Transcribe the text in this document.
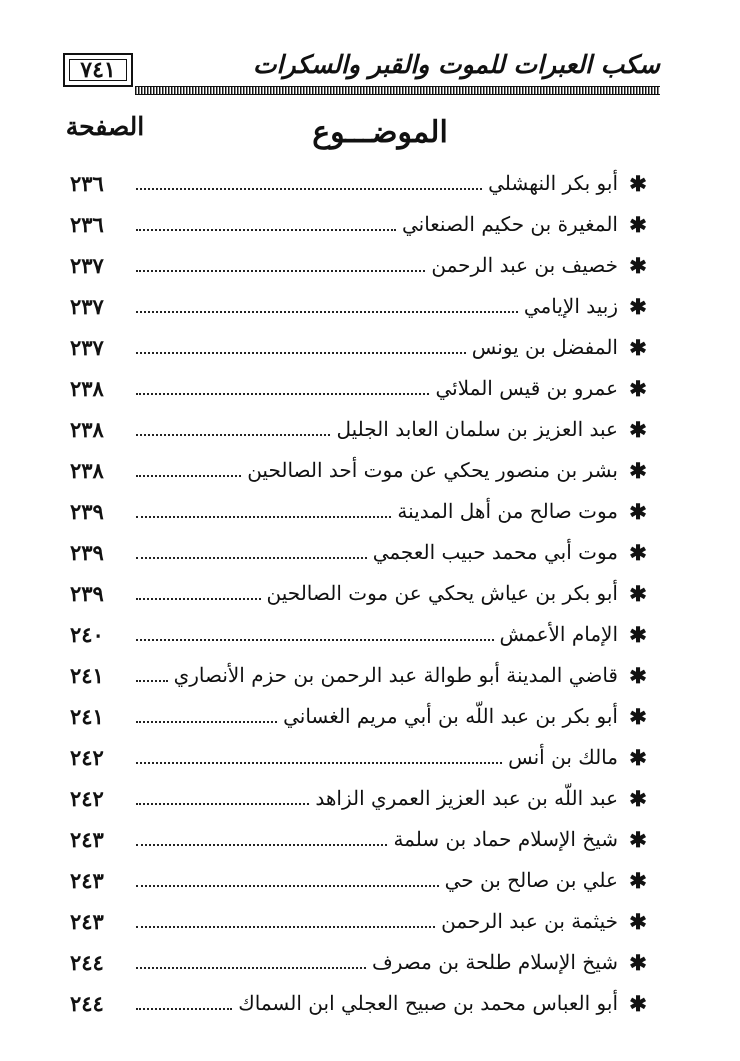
٧٤١	سكب العبرات للموت والقبر والسكرات
الموضـــوع
الصفحة
✱
أبو بكر النهشلي
٢٣٦
✱
المغيرة بن حكيم الصنعاني
٢٣٦
✱
خصيف بن عبد الرحمن
٢٣٧
✱
زبيد الإيامي
٢٣٧
✱
المفضل بن يونس
٢٣٧
✱
عمرو بن قيس الملائي
٢٣٨
✱
عبد العزيز بن سلمان العابد الجليل
٢٣٨
✱
بشر بن منصور يحكي عن موت أحد الصالحين
٢٣٨
✱
موت صالح من أهل المدينة
٢٣٩
✱
موت أبي محمد حبيب العجمي
٢٣٩
✱
أبو بكر بن عياش يحكي عن موت الصالحين
٢٣٩
✱
الإمام الأعمش
٢٤٠
✱
قاضي المدينة أبو طوالة عبد الرحمن بن حزم الأنصاري
٢٤١
✱
أبو بكر بن عبد اللّه بن أبي مريم الغساني
٢٤١
✱
مالك بن أنس
٢٤٢
✱
عبد اللّه بن عبد العزيز العمري الزاهد
٢٤٢
✱
شيخ الإسلام حماد بن سلمة
٢٤٣
✱
علي بن صالح بن حي
٢٤٣
✱
خيثمة بن عبد الرحمن
٢٤٣
✱
شيخ الإسلام طلحة بن مصرف
٢٤٤
✱
أبو العباس محمد بن صبيح العجلي ابن السماك
٢٤٤
